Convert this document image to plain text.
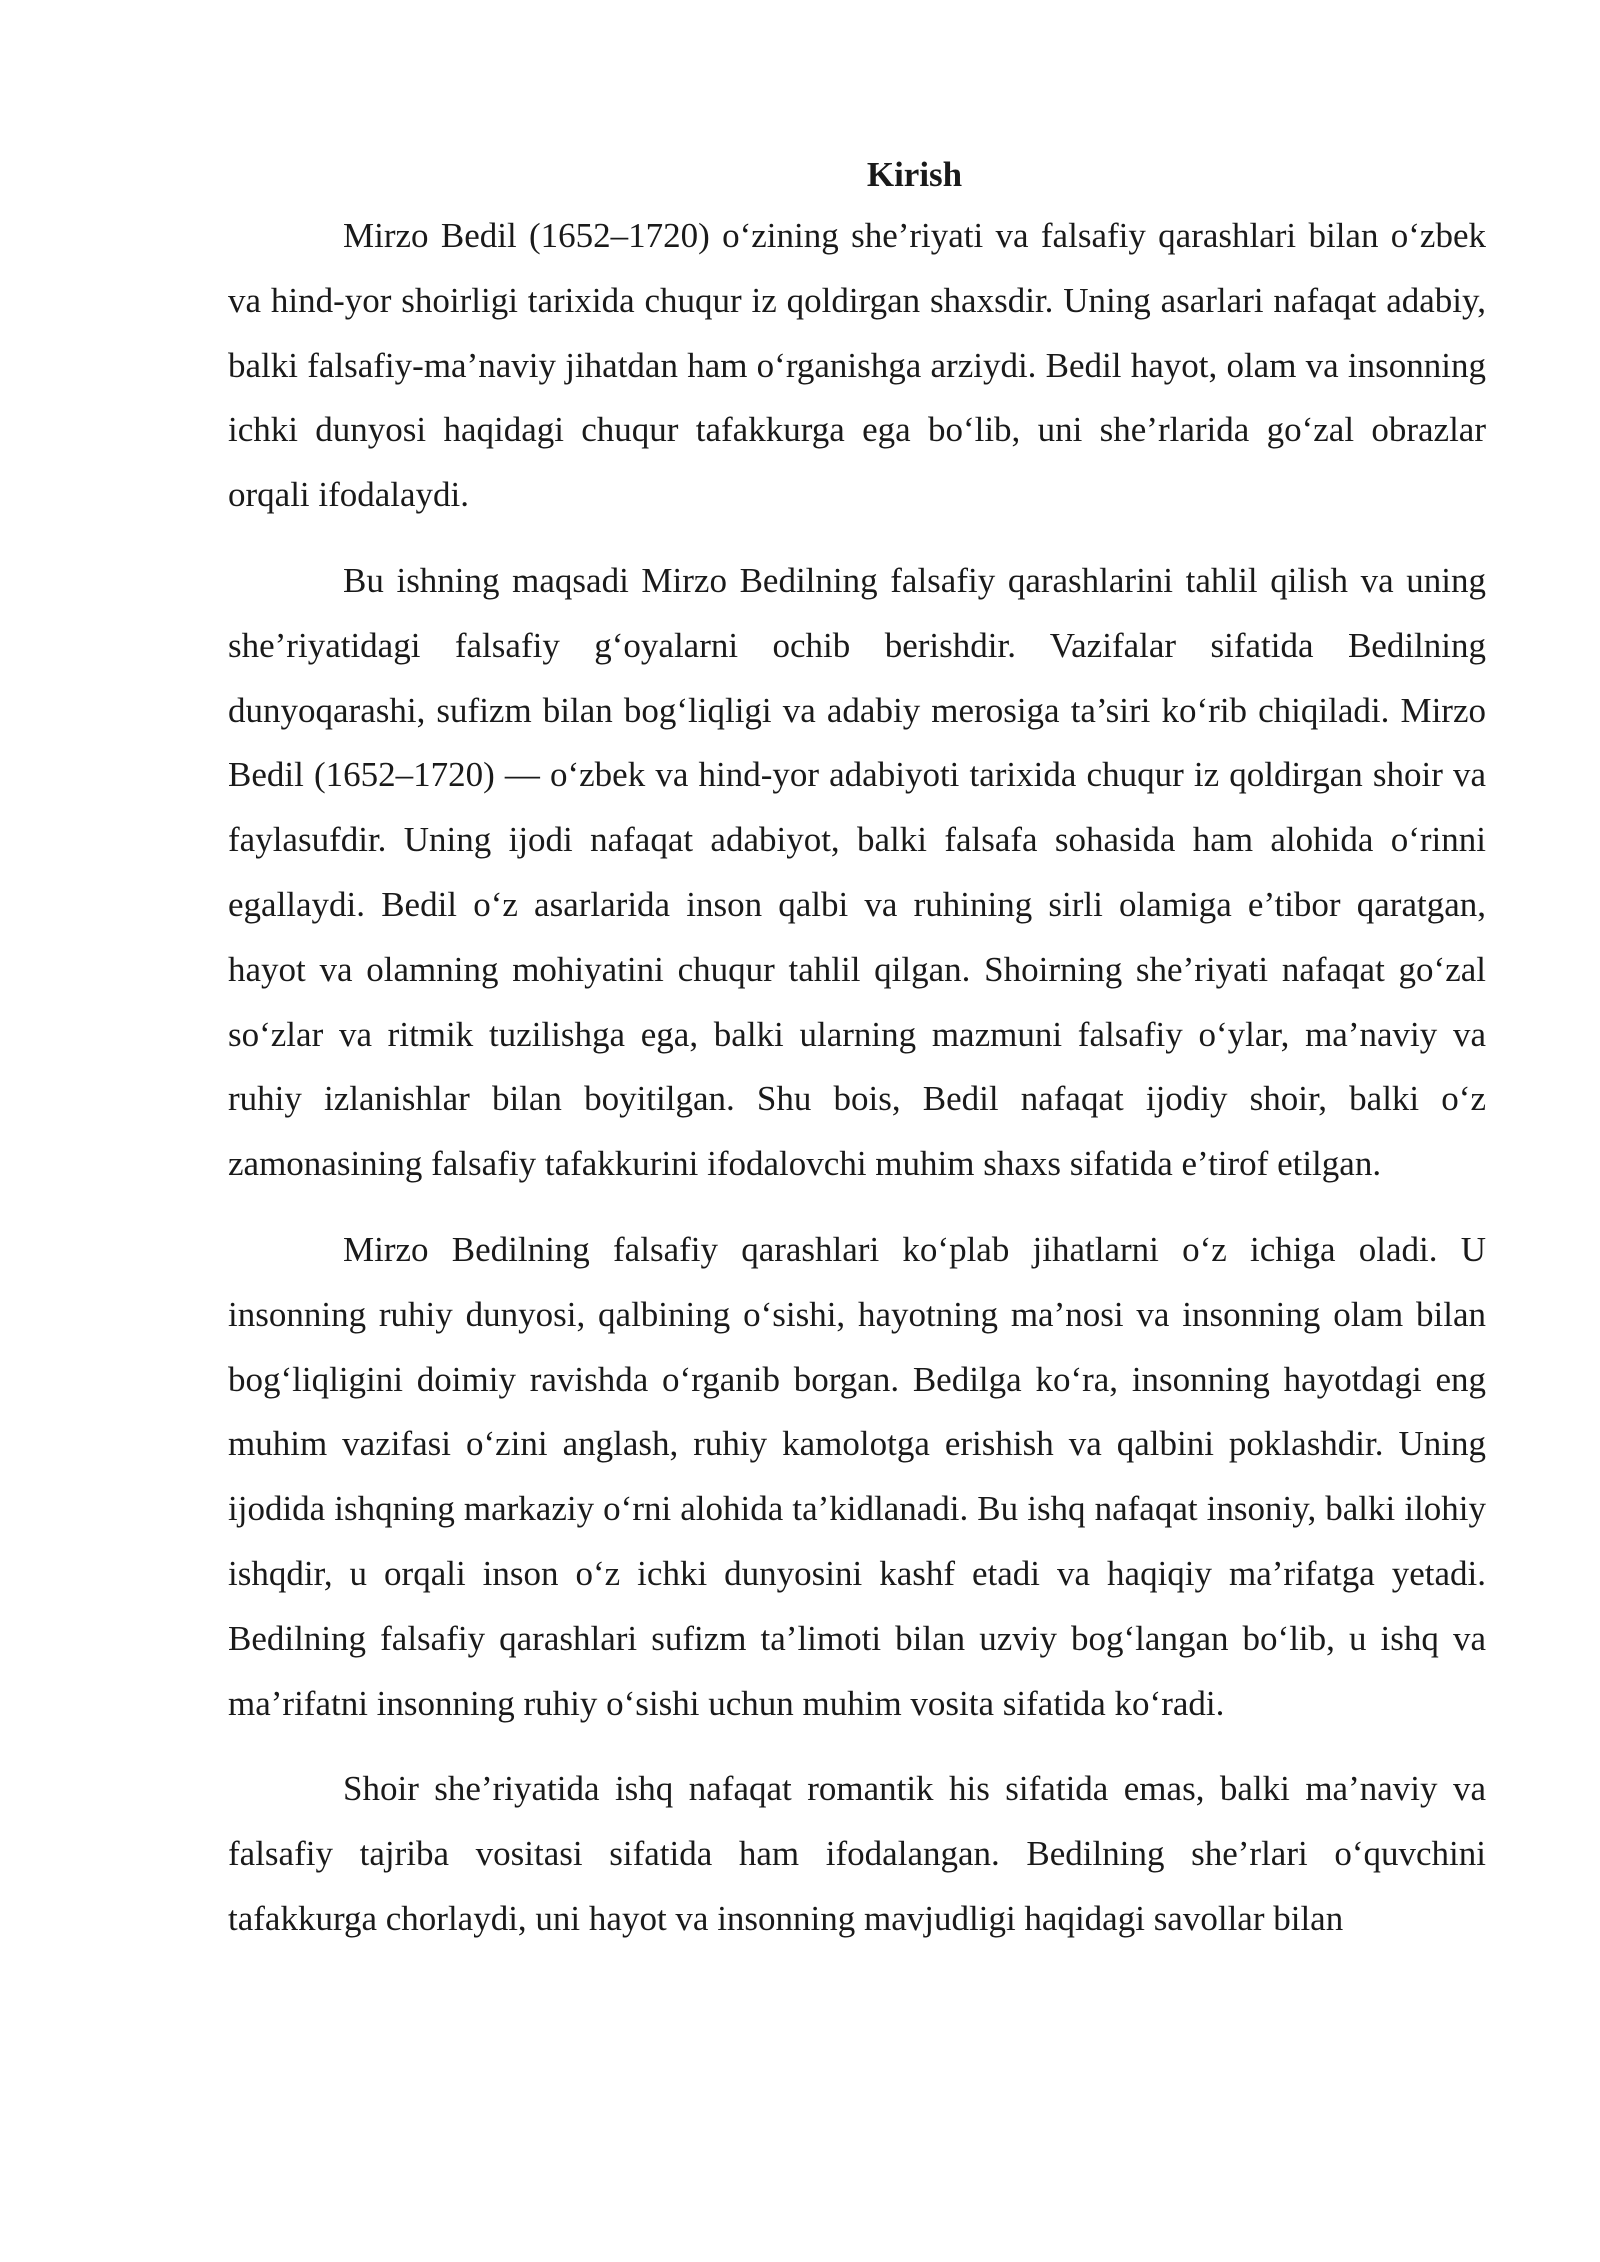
Kirish

Mirzo Bedil (1652–1720) o‘zining she’riyati va falsafiy qarashlari bilan o‘zbek va hind-yor shoirligi tarixida chuqur iz qoldirgan shaxsdir. Uning asarlari nafaqat adabiy, balki falsafiy-ma’naviy jihatdan ham o‘rganishga arziydi. Bedil hayot, olam va insonning ichki dunyosi haqidagi chuqur tafakkurga ega bo‘lib, uni she’rlarida go‘zal obrazlar orqali ifodalaydi.

Bu ishning maqsadi Mirzo Bedilning falsafiy qarashlarini tahlil qilish va uning she’riyatidagi falsafiy g‘oyalarni ochib berishdir. Vazifalar sifatida Bedilning dunyoqarashi, sufizm bilan bog‘liqligi va adabiy merosiga ta’siri ko‘rib chiqiladi. Mirzo Bedil (1652–1720) — o‘zbek va hind-yor adabiyoti tarixida chuqur iz qoldirgan shoir va faylasufdir. Uning ijodi nafaqat adabiyot, balki falsafa sohasida ham alohida o‘rinni egallaydi. Bedil o‘z asarlarida inson qalbi va ruhining sirli olamiga e’tibor qaratgan, hayot va olamning mohiyatini chuqur tahlil qilgan. Shoirning she’riyati nafaqat go‘zal so‘zlar va ritmik tuzilishga ega, balki ularning mazmuni falsafiy o‘ylar, ma’naviy va ruhiy izlanishlar bilan boyitilgan. Shu bois, Bedil nafaqat ijodiy shoir, balki o‘z zamonasining falsafiy tafakkurini ifodalovchi muhim shaxs sifatida e’tirof etilgan.

Mirzo Bedilning falsafiy qarashlari ko‘plab jihatlarni o‘z ichiga oladi. U insonning ruhiy dunyosi, qalbining o‘sishi, hayotning ma’nosi va insonning olam bilan bog‘liqligini doimiy ravishda o‘rganib borgan. Bedilga ko‘ra, insonning hayotdagi eng muhim vazifasi o‘zini anglash, ruhiy kamolotga erishish va qalbini poklashdir. Uning ijodida ishqning markaziy o‘rni alohida ta’kidlanadi. Bu ishq nafaqat insoniy, balki ilohiy ishqdir, u orqali inson o‘z ichki dunyosini kashf etadi va haqiqiy ma’rifatga yetadi. Bedilning falsafiy qarashlari sufizm ta’limoti bilan uzviy bog‘langan bo‘lib, u ishq va ma’rifatni insonning ruhiy o‘sishi uchun muhim vosita sifatida ko‘radi.

Shoir she’riyatida ishq nafaqat romantik his sifatida emas, balki ma’naviy va falsafiy tajriba vositasi sifatida ham ifodalangan. Bedilning she’rlari o‘quvchini tafakkurga chorlaydi, uni hayot va insonning mavjudligi haqidagi savollar bilan
